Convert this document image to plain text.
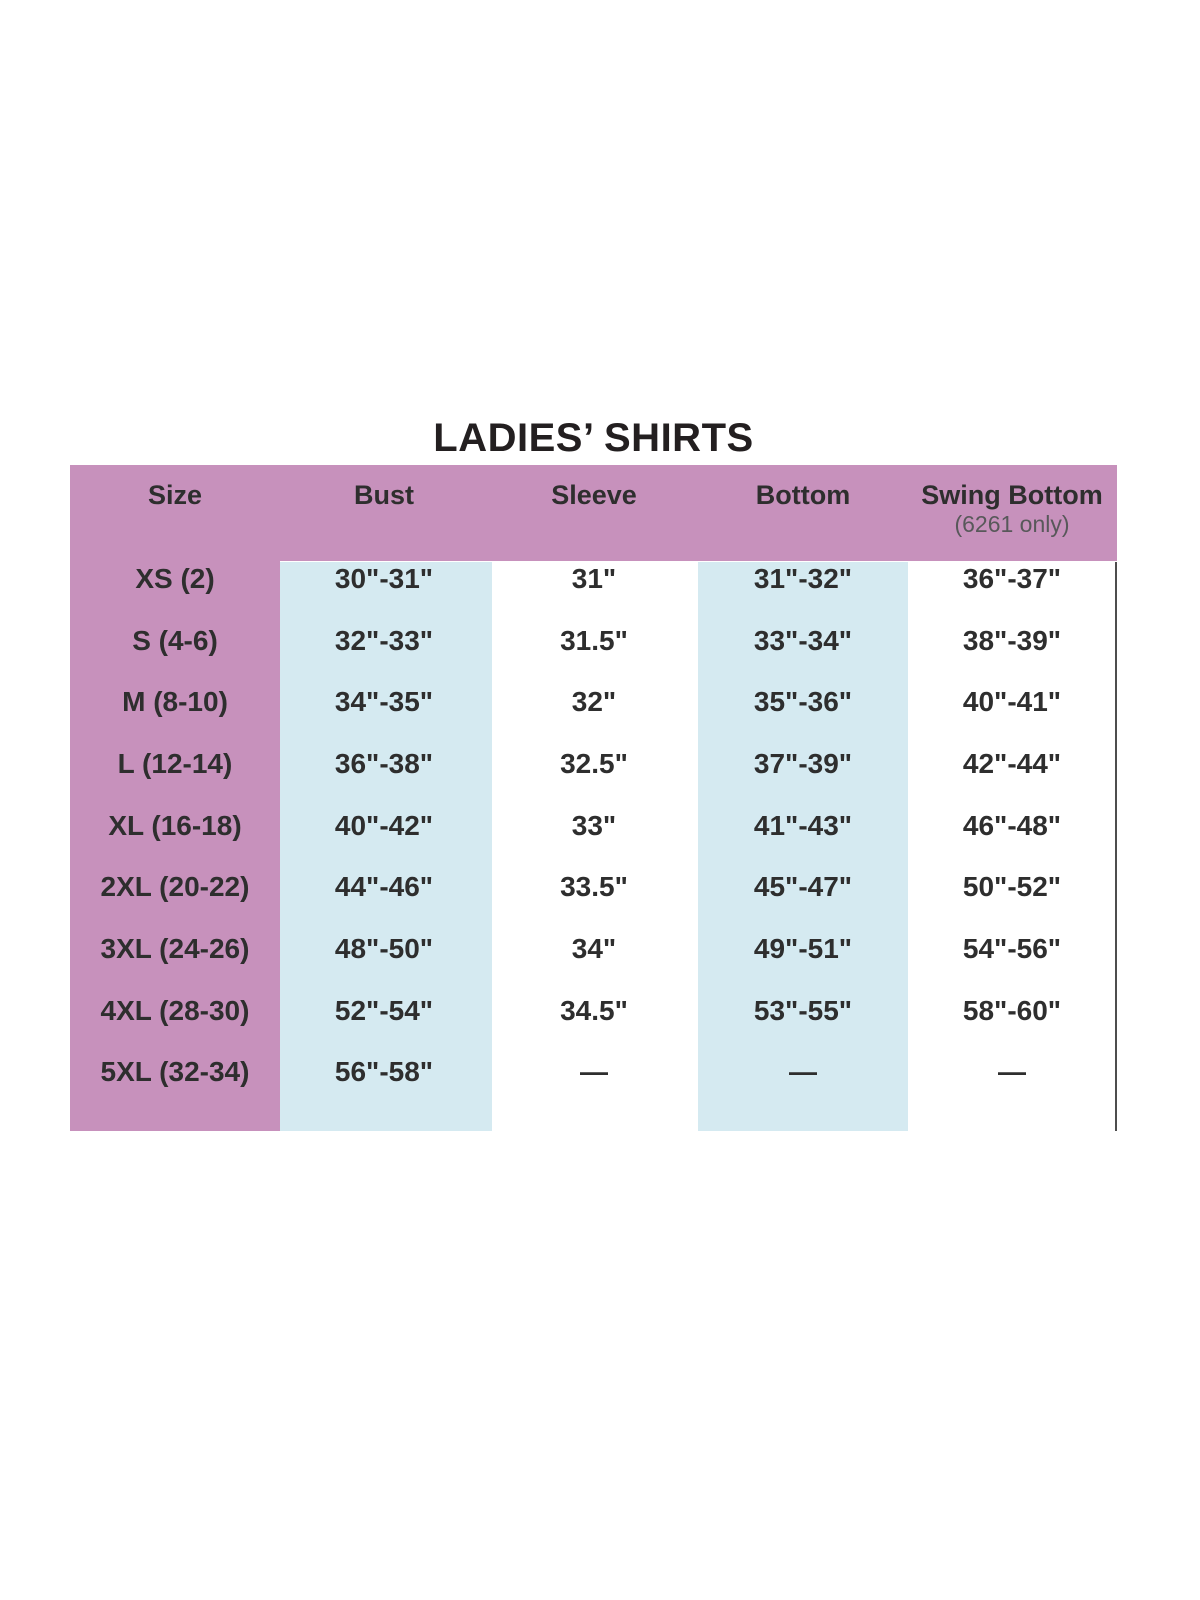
LADIES’ SHIRTS
Size	Bust	Sleeve	Bottom	Swing Bottom
(6261 only)
XS (2)	30"-31"	31"	31"-32"	36"-37"
S (4-6)	32"-33"	31.5"	33"-34"	38"-39"
M (8-10)	34"-35"	32"	35"-36"	40"-41"
L (12-14)	36"-38"	32.5"	37"-39"	42"-44"
XL (16-18)	40"-42"	33"	41"-43"	46"-48"
2XL (20-22)	44"-46"	33.5"	45"-47"	50"-52"
3XL (24-26)	48"-50"	34"	49"-51"	54"-56"
4XL (28-30)	52"-54"	34.5"	53"-55"	58"-60"
5XL (32-34)	56"-58"	—	—	—
